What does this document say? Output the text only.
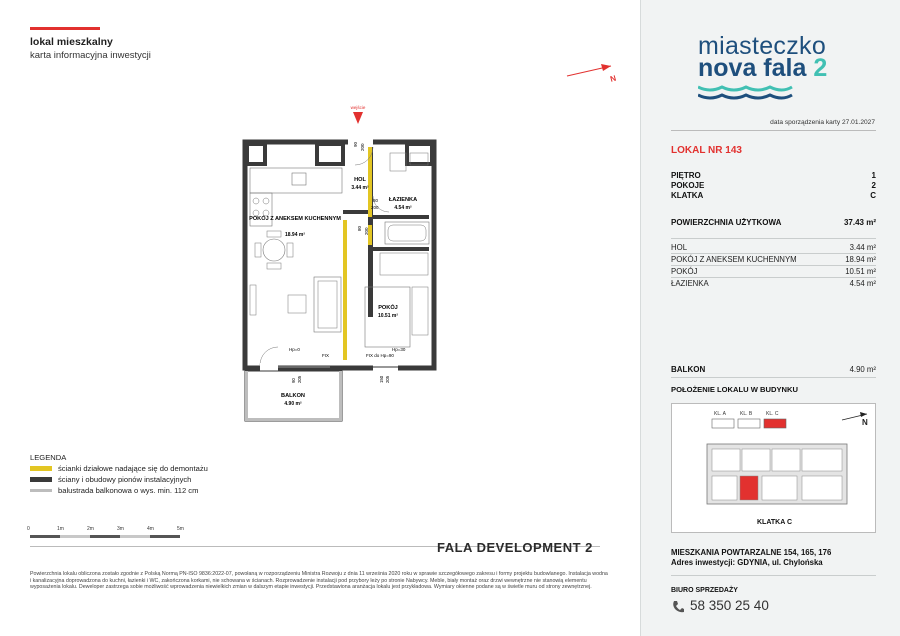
lokal mieszkalny
karta informacyjna inwestycji
N
wejście
HOL
3.44 m²
ŁAZIENKA
4.54 m²
POKÓJ Z ANEKSEM KUCHENNYM
18.94 m²
POKÓJ
10.51 m²
BALKON
4.90 m²
90 200
80
200
80 200
90 205	150 205
Hp=0
FIX
Hp=30
FIX do Hp=90
LEGENDA
ścianki działowe nadające się do demontażu
ściany i obudowy pionów instalacyjnych
balustrada balkonowa o wys. min. 112 cm
0	1m	2m	3m	4m	5m
FALA DEVELOPMENT 2
Powierzchnia lokalu obliczona zostało zgodnie z Polską Normą PN-ISO 9836:2022-07, powołaną w rozporządzeniu Ministra Rozwoju z dnia 11 września 2020 roku w sprawie szczegółowego zakresu i formy projektu budowlanego. Instalacja wodna i kanalizacyjna doprowadzona do kuchni, łazienki i WC, zakończona korkami, nie schowana w ścianach. Rozprowadzenie instalacji pod przybory leży po stronie Nabywcy. Meble, biały montaż oraz drzwi wewnętrzne nie stanowią elementu wyposażenia lokalu. Deweloper zastrzega sobie możliwość wprowadzenia niewielkich zmian w dalszym etapie inwestycji. Przedstawiona aranżacja lokalu jest przykładowa. Wymiary okienne podane są w świetle muru od strony zewnętrznej.
miasteczko
nova fala 2
data sporządzenia karty 27.01.2027
LOKAL NR 143
PIĘTRO	1
POKOJE	2
KLATKA	C
POWIERZCHNIA UŻYTKOWA	37.43 m²
HOL	3.44 m²
POKÓJ Z ANEKSEM KUCHENNYM	18.94 m²
POKÓJ	10.51 m²
ŁAZIENKA	4.54 m²
BALKON	4.90 m²
POŁOŻENIE LOKALU W BUDYNKU
KL. A	KL. B	KL. C
N
KLATKA C
MIESZKANIA POWTARZALNE 154, 165, 176
Adres inwestycji: GDYNIA, ul. Chylońska
BIURO SPRZEDAŻY
58 350 25 40
